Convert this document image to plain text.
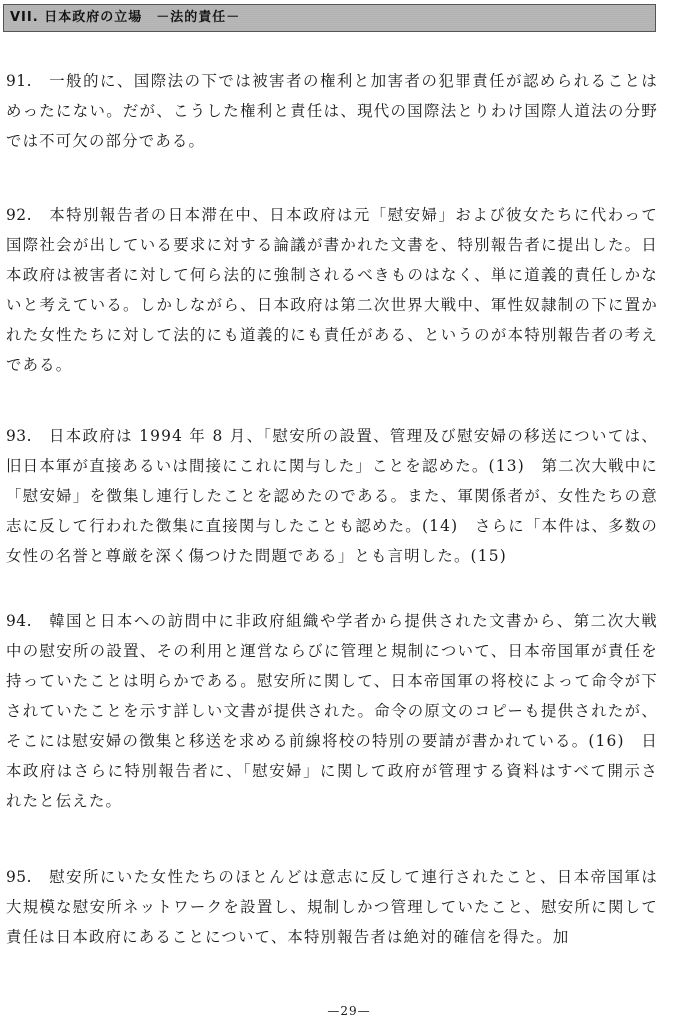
VII. 日本政府の立場　－法的責任－

91.　 一般的に、国際法の下では被害者の権利と加害者の犯罪責任が認められることはめったにない。だが、こうした権利と責任は、現代の国際法とりわけ国際人道法の分野では不可欠の部分である。

92.　 本特別報告者の日本滞在中、日本政府は元「慰安婦」および彼女たちに代わって国際社会が出している要求に対する論議が書かれた文書を、特別報告者に提出した。日本政府は被害者に対して何ら法的に強制されるべきものはなく、単に道義的責任しかないと考えている。しかしながら、日本政府は第二次世界大戦中、軍性奴隷制の下に置かれた女性たちに対して法的にも道義的にも責任がある、というのが本特別報告者の考えである。

93.　 日本政府は 1994 年 8 月、「慰安所の設置、管理及び慰安婦の移送については、旧日本軍が直接あるいは間接にこれに関与した」ことを認めた。(13)　第二次大戦中に「慰安婦」を徴集し連行したことを認めたのである。また、軍関係者が、女性たちの意志に反して行われた徴集に直接関与したことも認めた。(14)　さらに「本件は、多数の女性の名誉と尊厳を深く傷つけた問題である」とも言明した。(15)

94.　 韓国と日本への訪問中に非政府組織や学者から提供された文書から、第二次大戦中の慰安所の設置、その利用と運営ならびに管理と規制について、日本帝国軍が責任を持っていたことは明らかである。慰安所に関して、日本帝国軍の将校によって命令が下されていたことを示す詳しい文書が提供された。命令の原文のコピーも提供されたが、そこには慰安婦の徴集と移送を求める前線将校の特別の要請が書かれている。(16)　日本政府はさらに特別報告者に、「慰安婦」に関して政府が管理する資料はすべて開示されたと伝えた。

95.　 慰安所にいた女性たちのほとんどは意志に反して連行されたこと、日本帝国軍は大規模な慰安所ネットワークを設置し、規制しかつ管理していたこと、慰安所に関して責任は日本政府にあることについて、本特別報告者は絶対的確信を得た。加

—29—
